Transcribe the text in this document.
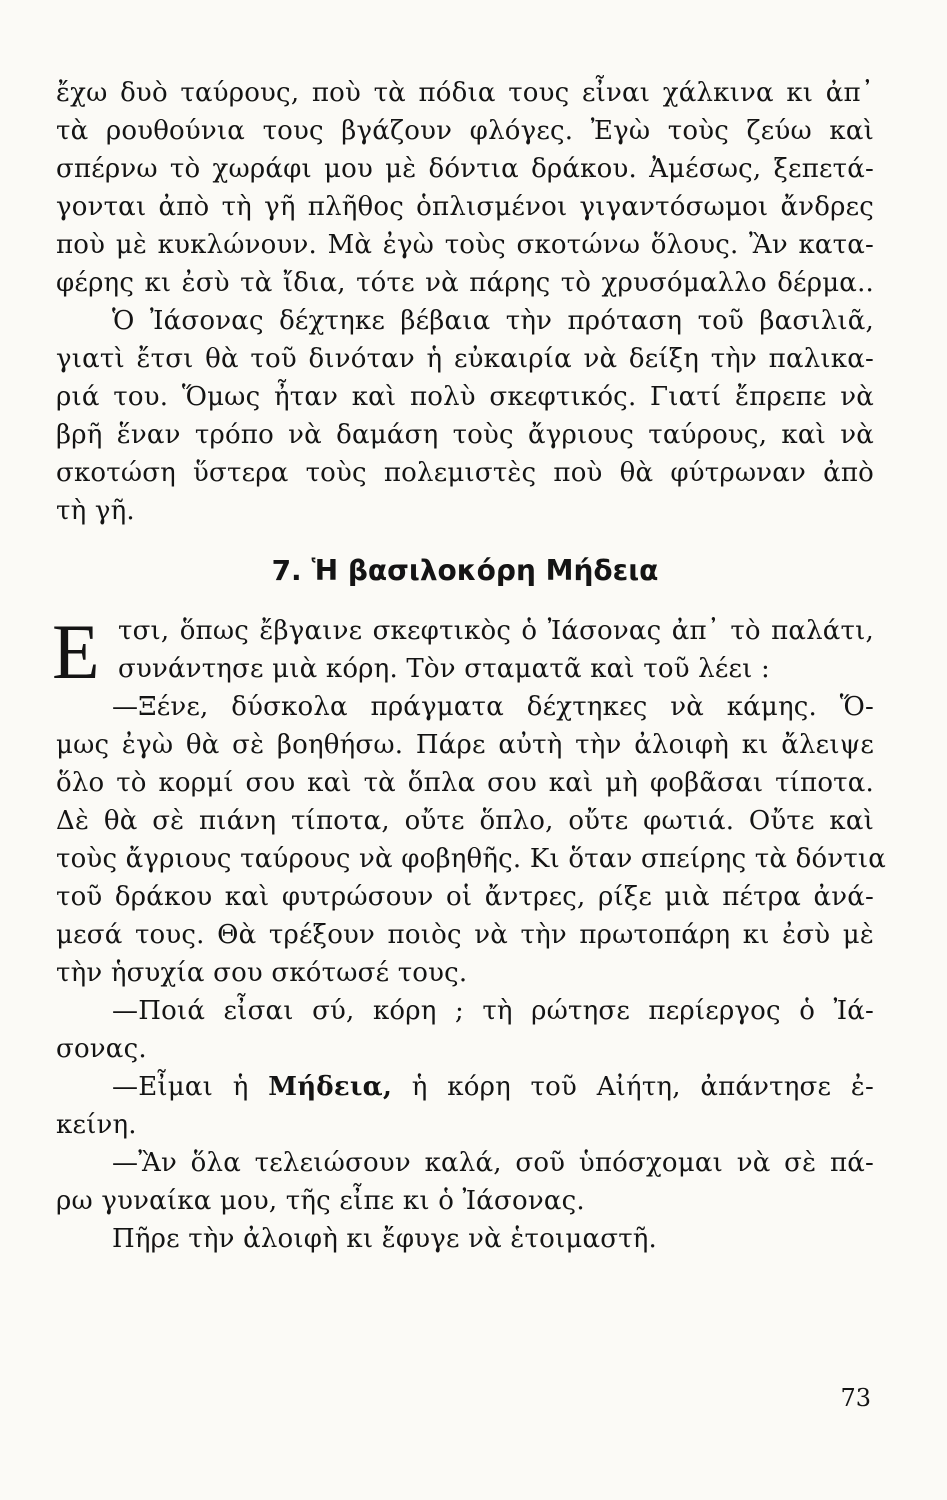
ἔχω δυὸ ταύρους, ποὺ τὰ πόδια τους εἶναι χάλκινα κι ἀπ᾽
τὰ ρουθούνια τους βγάζουν φλόγες. Ἐγὼ τοὺς ζεύω καὶ
σπέρνω τὸ χωράφι μου μὲ δόντια δράκου. Ἀμέσως, ξεπετά-
γονται ἀπὸ τὴ γῆ πλῆθος ὁπλισμένοι γιγαντόσωμοι ἄνδρες
ποὺ μὲ κυκλώνουν. Μὰ ἐγὼ τοὺς σκοτώνω ὅλους. Ἂν κατα-
φέρης κι ἐσὺ τὰ ἴδια, τότε νὰ πάρης τὸ χρυσόμαλλο δέρμα..
Ὁ Ἰάσονας δέχτηκε βέβαια τὴν πρόταση τοῦ βασιλιᾶ,
γιατὶ ἔτσι θὰ τοῦ δινόταν ἡ εὐκαιρία νὰ δείξη τὴν παλικα-
ριά του. Ὅμως ἦταν καὶ πολὺ σκεφτικός. Γιατί ἔπρεπε νὰ
βρῆ ἕναν τρόπο νὰ δαμάση τοὺς ἄγριους ταύρους, καὶ νὰ
σκοτώση ὕστερα τοὺς πολεμιστὲς ποὺ θὰ φύτρωναν ἀπὸ
τὴ γῆ.
7. Ἡ βασιλοκόρη Μήδεια
Ε τσι, ὅπως ἔβγαινε σκεφτικὸς ὁ Ἰάσονας ἀπ᾽ τὸ παλάτι,
συνάντησε μιὰ κόρη. Τὸν σταματᾶ καὶ τοῦ λέει :
—Ξένε, δύσκολα πράγματα δέχτηκες νὰ κάμης. Ὅ-
μως ἐγὼ θὰ σὲ βοηθήσω. Πάρε αὐτὴ τὴν ἀλοιφὴ κι ἄλειψε
ὅλο τὸ κορμί σου καὶ τὰ ὅπλα σου καὶ μὴ φοβᾶσαι τίποτα.
Δὲ θὰ σὲ πιάνη τίποτα, οὔτε ὅπλο, οὔτε φωτιά. Οὔτε καὶ
τοὺς ἄγριους ταύρους νὰ φοβηθῆς. Κι ὅταν σπείρης τὰ δόντια
τοῦ δράκου καὶ φυτρώσουν οἱ ἄντρες, ρίξε μιὰ πέτρα ἀνά-
μεσά τους. Θὰ τρέξουν ποιὸς νὰ τὴν πρωτοπάρη κι ἐσὺ μὲ
τὴν ἡσυχία σου σκότωσέ τους.
—Ποιά εἶσαι σύ, κόρη ; τὴ ρώτησε περίεργος ὁ Ἰά-
σονας.
—Εἶμαι ἡ Μήδεια, ἡ κόρη τοῦ Αἰήτη, ἀπάντησε ἐ-
κείνη.
—Ἂν ὅλα τελειώσουν καλά, σοῦ ὑπόσχομαι νὰ σὲ πά-
ρω γυναίκα μου, τῆς εἶπε κι ὁ Ἰάσονας.
Πῆρε τὴν ἀλοιφὴ κι ἔφυγε νὰ ἑτοιμαστῆ.
73
